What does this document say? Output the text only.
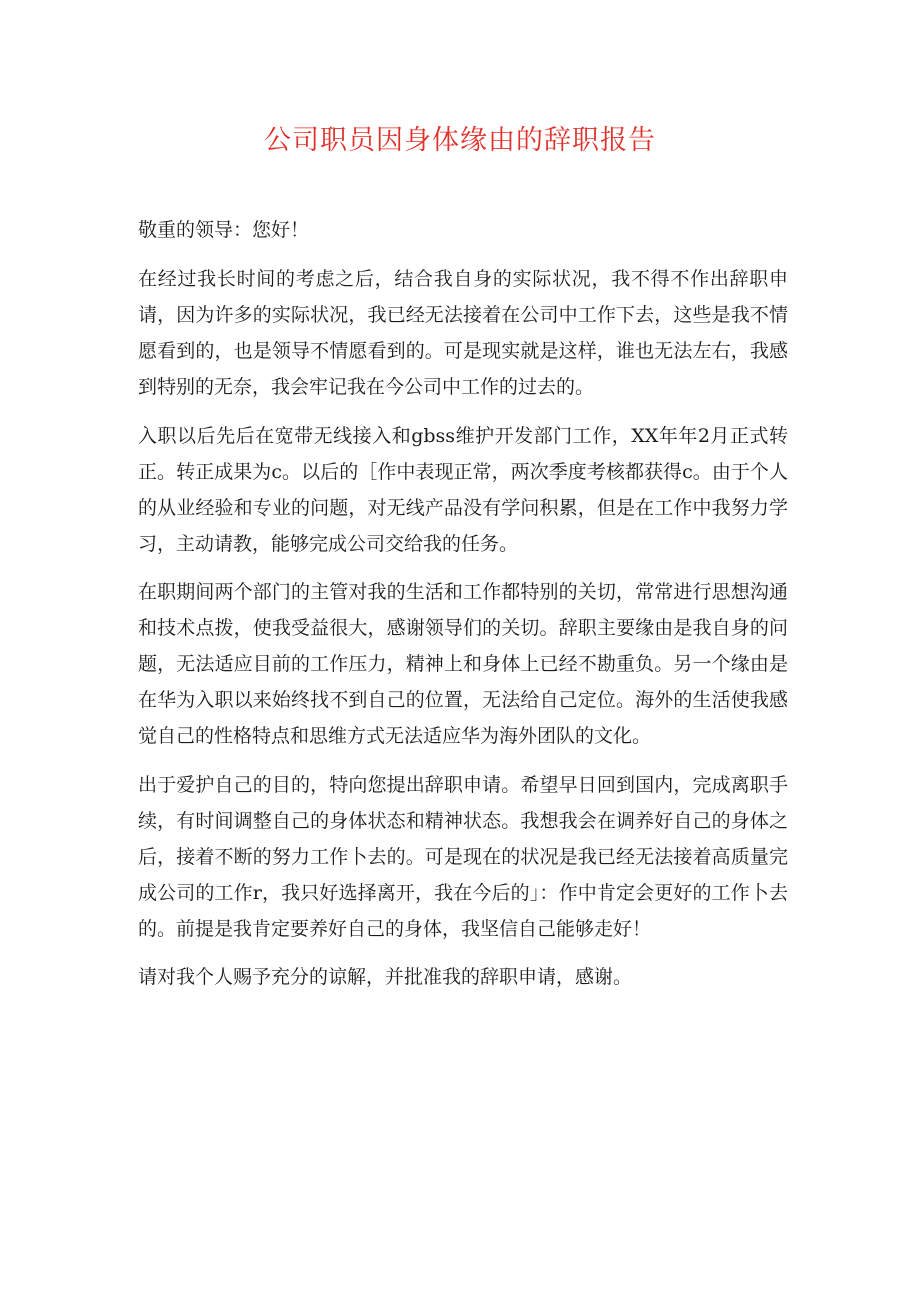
公司职员因身体缘由的辞职报告

敬重的领导：您好！

在经过我长时间的考虑之后，结合我自身的实际状况，我不得不作出辞职申请，因为许多的实际状况，我已经无法接着在公司中工作下去，这些是我不情愿看到的，也是领导不情愿看到的。可是现实就是这样，谁也无法左右，我感到特别的无奈，我会牢记我在今公司中工作的过去的。

入职以后先后在宽带无线接入和gbss维护开发部门工作，XX年年2月正式转正。转正成果为c。以后的［作中表现正常，两次季度考核都获得c。由于个人的从业经验和专业的问题，对无线产品没有学问积累，但是在工作中我努力学习，主动请教，能够完成公司交给我的任务。

在职期间两个部门的主管对我的生活和工作都特别的关切，常常进行思想沟通和技术点拨，使我受益很大，感谢领导们的关切。辞职主要缘由是我自身的问题，无法适应目前的工作压力，精神上和身体上已经不勘重负。另一个缘由是在华为入职以来始终找不到自己的位置，无法给自己定位。海外的生活使我感觉自己的性格特点和思维方式无法适应华为海外团队的文化。

出于爱护自己的目的，特向您提出辞职申请。希望早日回到国内，完成离职手续，有时间调整自己的身体状态和精神状态。我想我会在调养好自己的身体之后，接着不断的努力工作卜去的。可是现在的状况是我已经无法接着高质量完成公司的工作r，我只好选择离开，我在今后的」：作中肯定会更好的工作卜去的。前提是我肯定要养好自己的身体，我坚信自己能够走好！

请对我个人赐予充分的谅解，并批准我的辞职申请，感谢。
